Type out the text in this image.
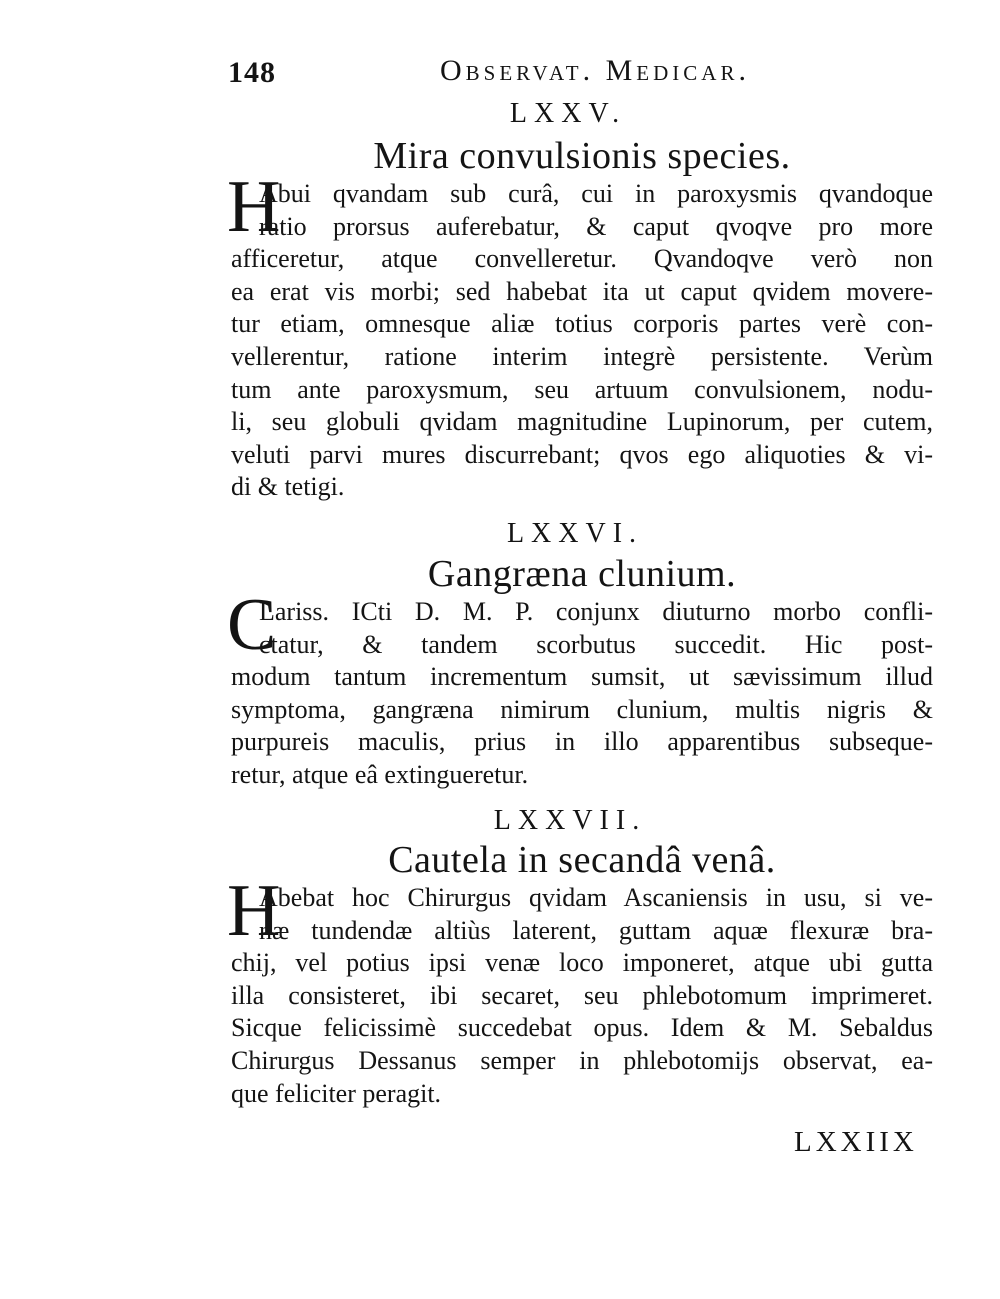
148	Observat. Medicar.
LXXV.
Mira convulsionis species.
H
Abui qvandam sub curâ, cui in paroxysmis qvandoque
ratio prorsus auferebatur, & caput qvoqve pro more
afficeretur, atque convelleretur. Qvandoqve verò non
ea erat vis morbi; sed habebat ita ut caput qvidem movere-
tur etiam, omnesque aliæ totius corporis partes verè con-
vellerentur, ratione interim integrè persistente. Verùm
tum ante paroxysmum, seu artuum convulsionem, nodu-
li, seu globuli qvidam magnitudine Lupinorum, per cutem,
veluti parvi mures discurrebant; qvos ego aliquoties & vi-
di & tetigi.
LXXVI.
Gangræna clunium.
C
Lariss. ICti D. M. P. conjunx diuturno morbo confli-
ctatur, & tandem scorbutus succedit. Hic post-
modum tantum incrementum sumsit, ut sævissimum illud
symptoma, gangræna nimirum clunium, multis nigris &
purpureis maculis, prius in illo apparentibus subseque-
retur, atque eâ extingueretur.
LXXVII.
Cautela in secandâ venâ.
H
Abebat hoc Chirurgus qvidam Ascaniensis in usu, si ve-
næ tundendæ altiùs laterent, guttam aquæ flexuræ bra-
chij, vel potius ipsi venæ loco imponeret, atque ubi gutta
illa consisteret, ibi secaret, seu phlebotomum imprimeret.
Sicque felicissimè succedebat opus. Idem & M. Sebaldus
Chirurgus Dessanus semper in phlebotomijs observat, ea-
que feliciter peragit.
LXXIIX
